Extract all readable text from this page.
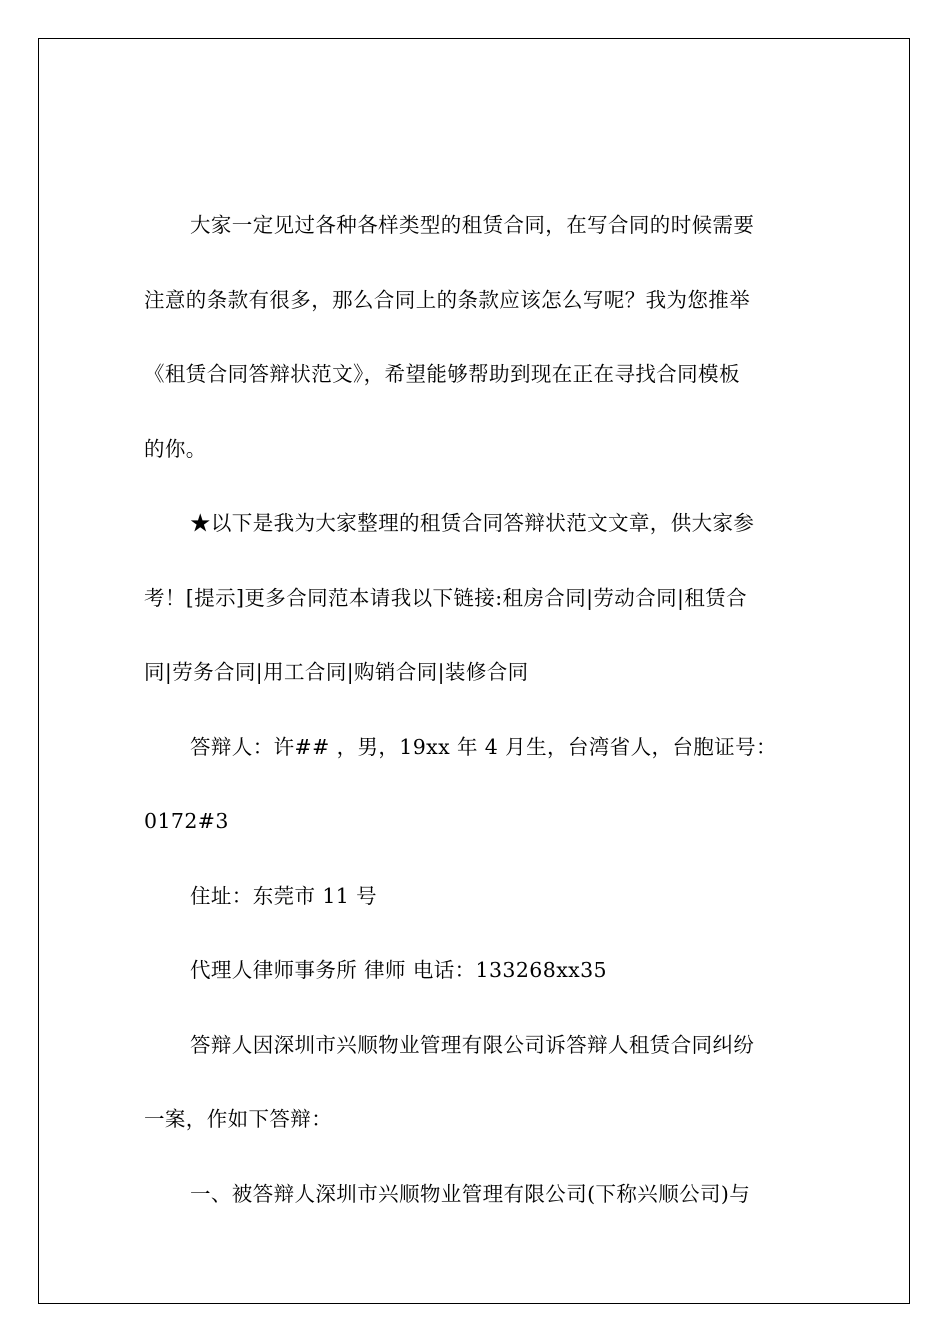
大家一定见过各种各样类型的租赁合同，在写合同的时候需要
注意的条款有很多，那么合同上的条款应该怎么写呢？我为您推举
《租赁合同答辩状范文》，希望能够帮助到现在正在寻找合同模板
的你。
★以下是我为大家整理的租赁合同答辩状范文文章，供大家参
考！[提示]更多合同范本请我以下链接:租房合同|劳动合同|租赁合
同|劳务合同|用工合同|购销合同|装修合同
答辩人：许## ，男，19xx 年 4 月生，台湾省人，台胞证号：
0172#3
住址：东莞市 11 号
代理人律师事务所 律师 电话：133268xx35
答辩人因深圳市兴顺物业管理有限公司诉答辩人租赁合同纠纷
一案，作如下答辩：
一、被答辩人深圳市兴顺物业管理有限公司(下称兴顺公司)与
